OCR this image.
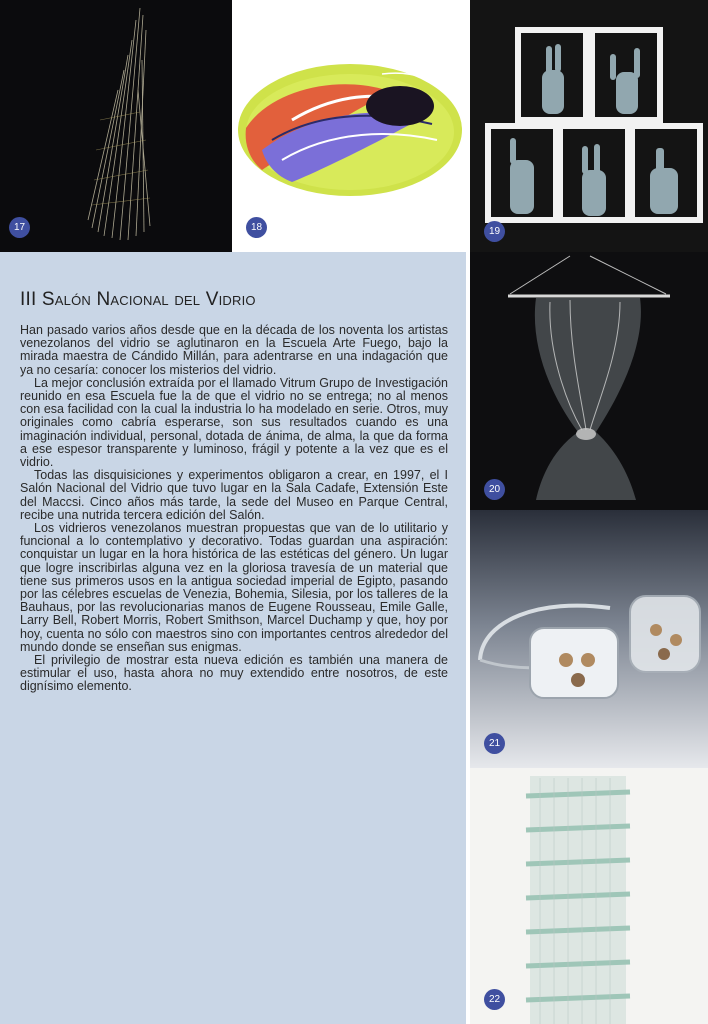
17	18	19
III Salón Nacional del Vidrio

Han pasado varios años desde que en la década de los noventa los artistas venezolanos del vidrio se aglutinaron en la Escuela Arte Fuego, bajo la mirada maestra de Cándido Millán, para adentrarse en una indagación que ya no cesaría: conocer los misterios del vidrio.

La mejor conclusión extraída por el llamado Vitrum Grupo de Investigación reunido en esa Escuela fue la de que el vidrio no se entrega; no al menos con esa facilidad con la cual la industria lo ha modelado en serie. Otros, muy originales como cabría esperarse, son sus resultados cuando es una imaginación individual, personal, dotada de ánima, de alma, la que da forma a ese espesor transparente y luminoso, frágil y potente a la vez que es el vidrio.

Todas las disquisiciones y experimentos obligaron a crear, en 1997, el I Salón Nacional del Vidrio que tuvo lugar en la Sala Cadafe, Extensión Este del Maccsi. Cinco años más tarde, la sede del Museo en Parque Central, recibe una nutrida tercera edición del Salón.

Los vidrieros venezolanos muestran propuestas que van de lo utilitario y funcional a lo contemplativo y decorativo. Todas guardan una aspiración: conquistar un lugar en la hora histórica de las estéticas del género. Un lugar que logre inscribirlas alguna vez en la gloriosa travesía de un material que tiene sus primeros usos en la antigua sociedad imperial de Egipto, pasando por las célebres escuelas de Venezia, Bohemia, Silesia, por los talleres de la Bauhaus, por las revolucionarias manos de Eugene Rousseau, Emile Galle, Larry Bell, Robert Morris, Robert Smithson, Marcel Duchamp y que, hoy por hoy, cuenta no sólo con maestros sino con importantes centros alrededor del mundo donde se enseñan sus enigmas.

El privilegio de mostrar esta nueva edición es también una manera de estimular el uso, hasta ahora no muy extendido entre nosotros, de este dignísimo elemento.

20
21
22
